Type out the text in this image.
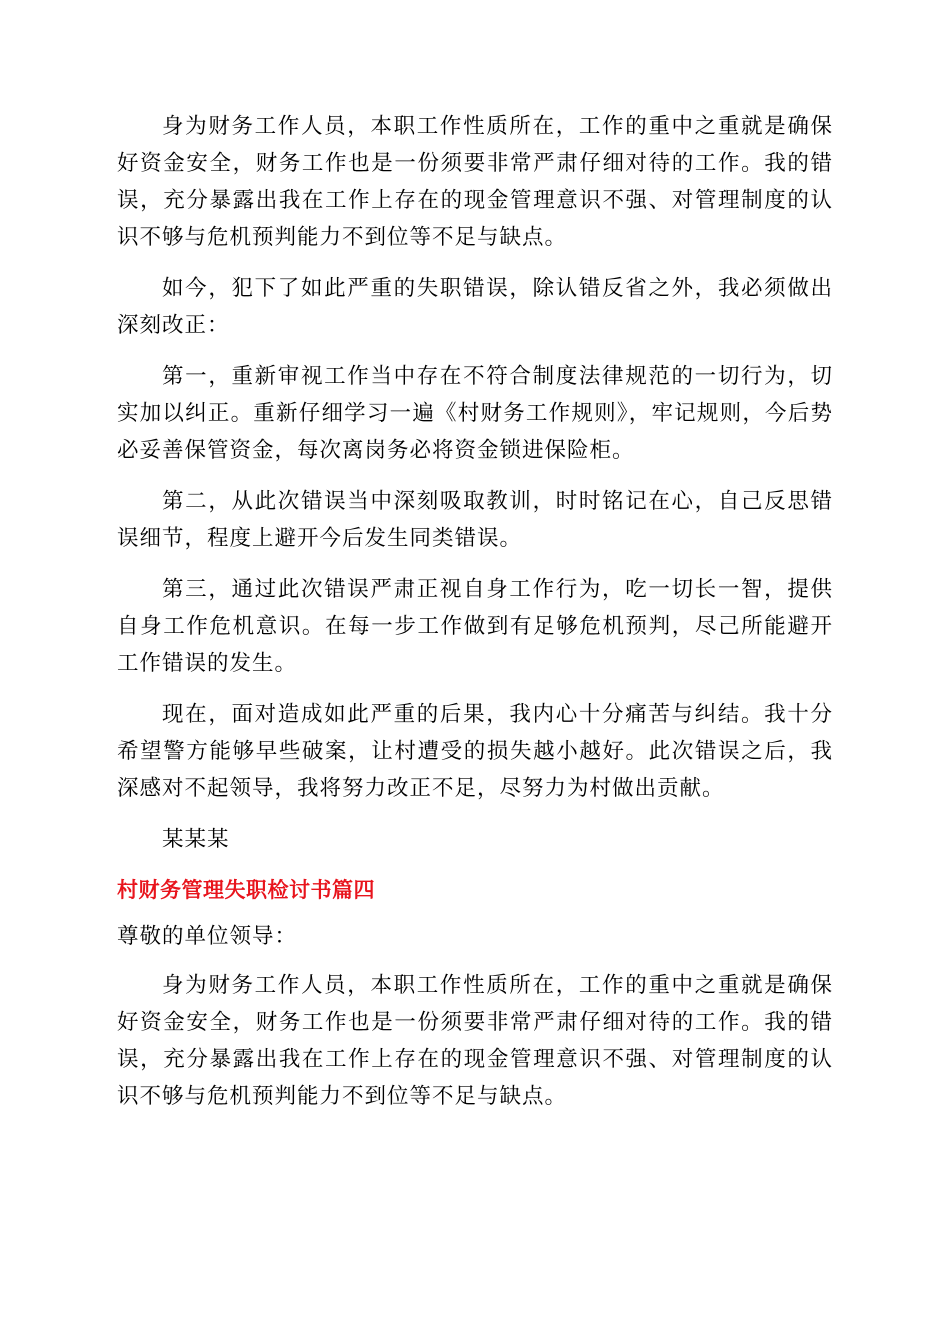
身为财务工作人员，本职工作性质所在，工作的重中之重就是确保好资金安全，财务工作也是一份须要非常严肃仔细对待的工作。我的错误，充分暴露出我在工作上存在的现金管理意识不强、对管理制度的认识不够与危机预判能力不到位等不足与缺点。

如今，犯下了如此严重的失职错误，除认错反省之外，我必须做出深刻改正：

第一，重新审视工作当中存在不符合制度法律规范的一切行为，切实加以纠正。重新仔细学习一遍《村财务工作规则》，牢记规则，今后势必妥善保管资金，每次离岗务必将资金锁进保险柜。

第二，从此次错误当中深刻吸取教训，时时铭记在心，自己反思错误细节，程度上避开今后发生同类错误。

第三，通过此次错误严肃正视自身工作行为，吃一切长一智，提供自身工作危机意识。在每一步工作做到有足够危机预判，尽己所能避开工作错误的发生。

现在，面对造成如此严重的后果，我内心十分痛苦与纠结。我十分希望警方能够早些破案，让村遭受的损失越小越好。此次错误之后，我深感对不起领导，我将努力改正不足，尽努力为村做出贡献。

某某某

村财务管理失职检讨书篇四

尊敬的单位领导：

身为财务工作人员，本职工作性质所在，工作的重中之重就是确保好资金安全，财务工作也是一份须要非常严肃仔细对待的工作。我的错误，充分暴露出我在工作上存在的现金管理意识不强、对管理制度的认识不够与危机预判能力不到位等不足与缺点。
